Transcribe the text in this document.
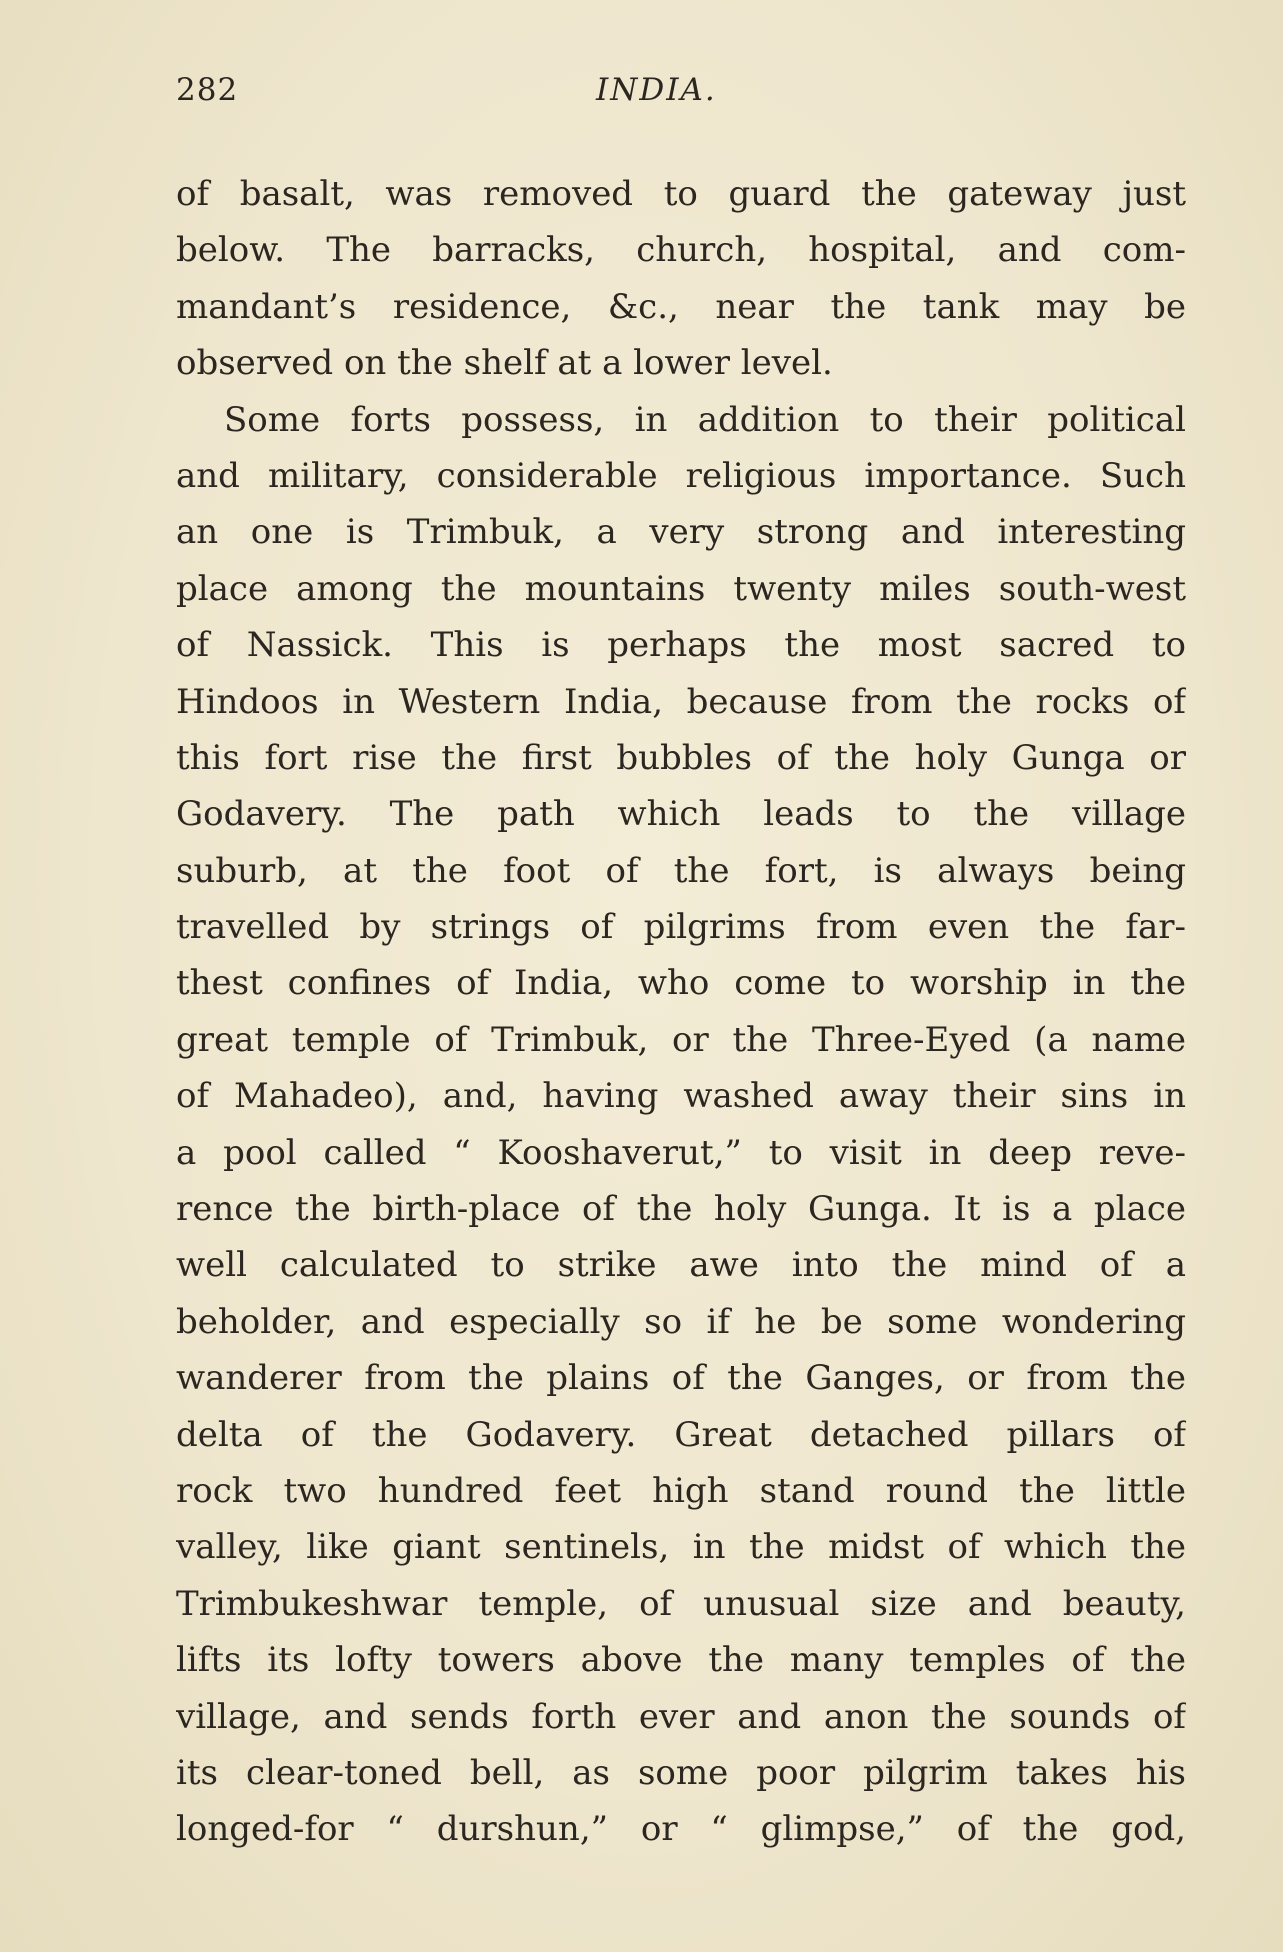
282	INDIA.
of basalt, was removed to guard the gateway just
below. The barracks, church, hospital, and com-
mandant’s residence, &c., near the tank may be
observed on the shelf at a lower level.
Some forts possess, in addition to their political
and military, considerable religious importance. Such
an one is Trimbuk, a very strong and interesting
place among the mountains twenty miles south-west
of Nassick. This is perhaps the most sacred to
Hindoos in Western India, because from the rocks of
this fort rise the first bubbles of the holy Gunga or
Godavery. The path which leads to the village
suburb, at the foot of the fort, is always being
travelled by strings of pilgrims from even the far-
thest confines of India, who come to worship in the
great temple of Trimbuk, or the Three-Eyed (a name
of Mahadeo), and, having washed away their sins in
a pool called “ Kooshaverut,” to visit in deep reve-
rence the birth-place of the holy Gunga. It is a place
well calculated to strike awe into the mind of a
beholder, and especially so if he be some wondering
wanderer from the plains of the Ganges, or from the
delta of the Godavery. Great detached pillars of
rock two hundred feet high stand round the little
valley, like giant sentinels, in the midst of which the
Trimbukeshwar temple, of unusual size and beauty,
lifts its lofty towers above the many temples of the
village, and sends forth ever and anon the sounds of
its clear-toned bell, as some poor pilgrim takes his
longed-for “ durshun,” or “ glimpse,” of the god,
